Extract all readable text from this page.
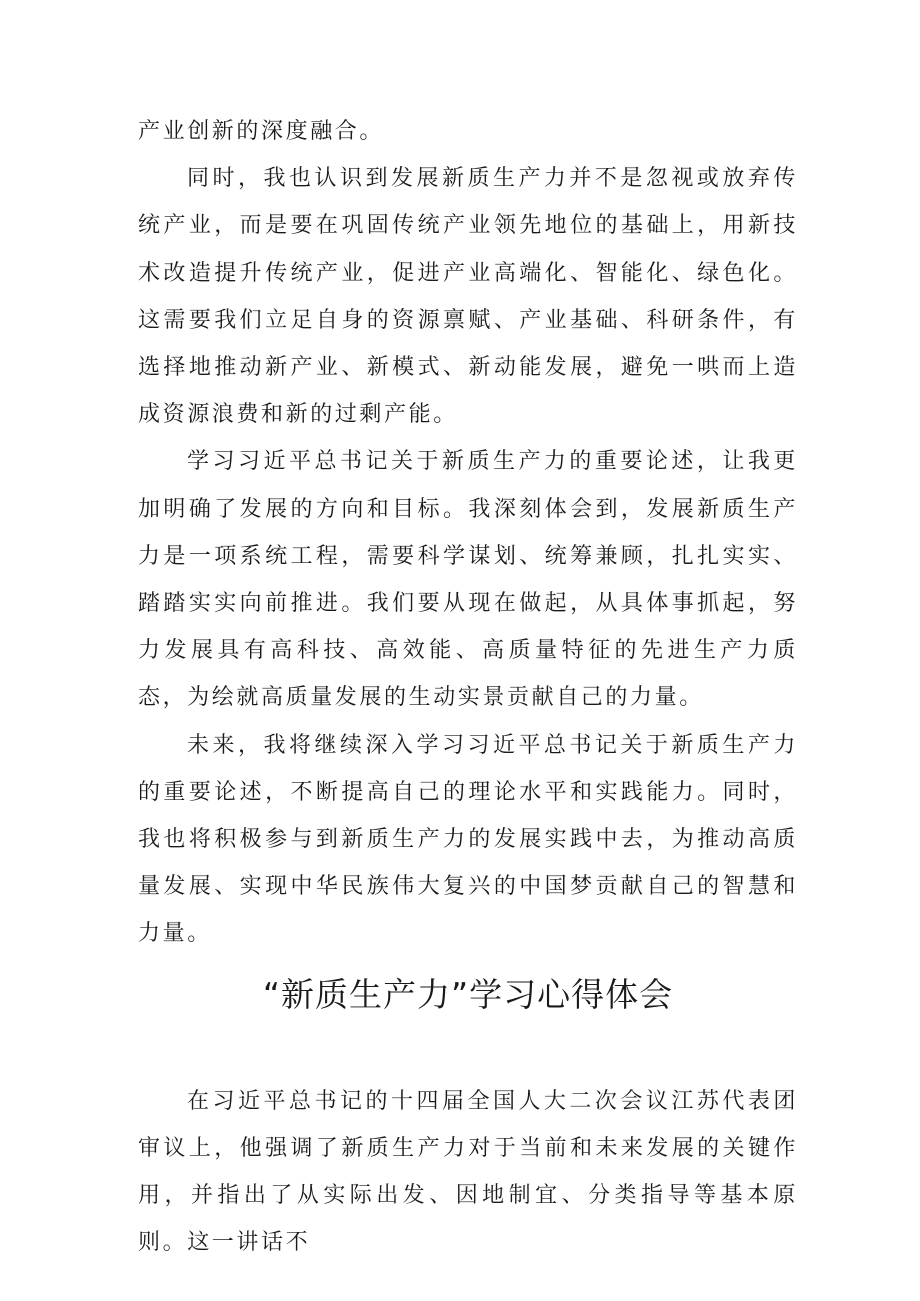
产业创新的深度融合。

同时，我也认识到发展新质生产力并不是忽视或放弃传统产业，而是要在巩固传统产业领先地位的基础上，用新技术改造提升传统产业，促进产业高端化、智能化、绿色化。这需要我们立足自身的资源禀赋、产业基础、科研条件，有选择地推动新产业、新模式、新动能发展，避免一哄而上造成资源浪费和新的过剩产能。

学习习近平总书记关于新质生产力的重要论述，让我更加明确了发展的方向和目标。我深刻体会到，发展新质生产力是一项系统工程，需要科学谋划、统筹兼顾，扎扎实实、踏踏实实向前推进。我们要从现在做起，从具体事抓起，努力发展具有高科技、高效能、高质量特征的先进生产力质态，为绘就高质量发展的生动实景贡献自己的力量。

未来，我将继续深入学习习近平总书记关于新质生产力的重要论述，不断提高自己的理论水平和实践能力。同时，我也将积极参与到新质生产力的发展实践中去，为推动高质量发展、实现中华民族伟大复兴的中国梦贡献自己的智慧和力量。

“新质生产力”学习心得体会

在习近平总书记的十四届全国人大二次会议江苏代表团审议上，他强调了新质生产力对于当前和未来发展的关键作用，并指出了从实际出发、因地制宜、分类指导等基本原则。这一讲话不
